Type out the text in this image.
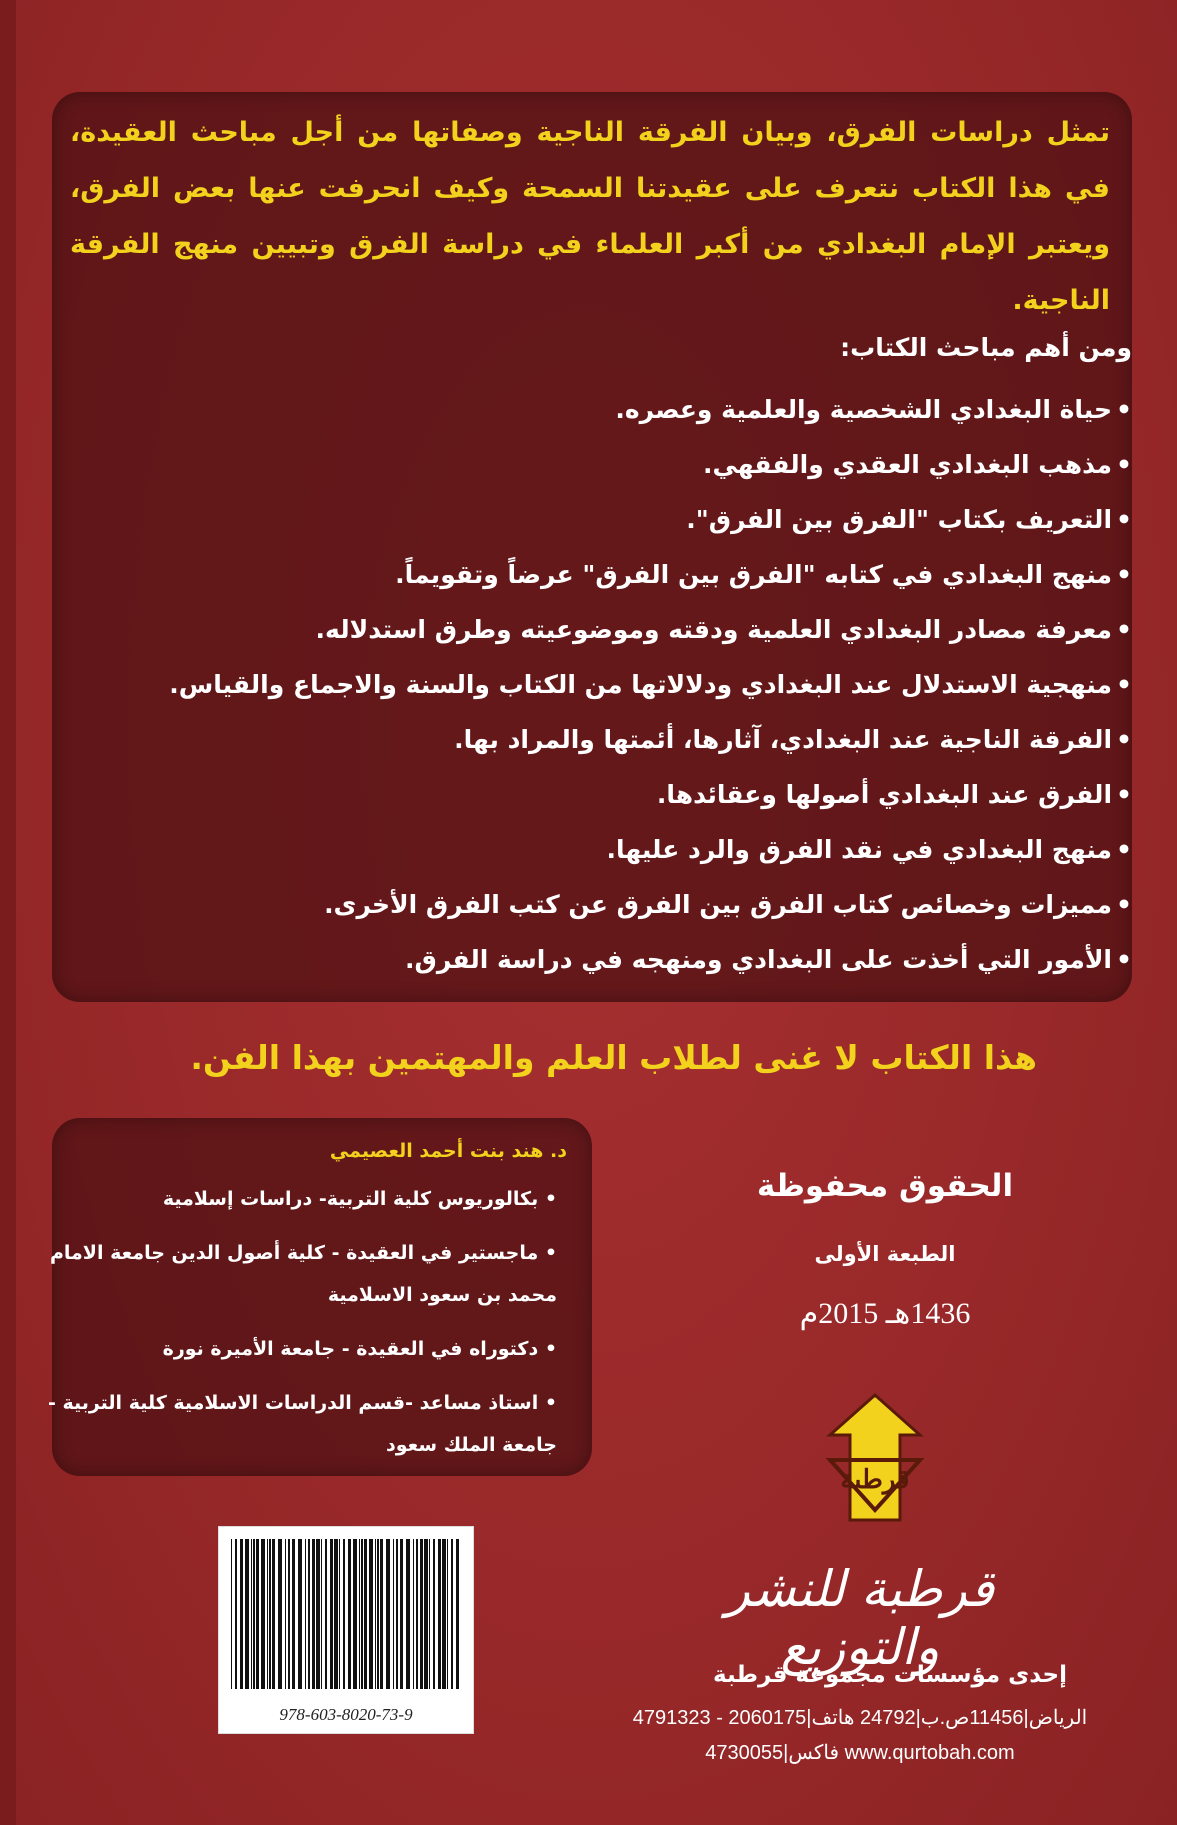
تمثل دراسات الفرق، وبيان الفرقة الناجية وصفاتها من أجل مباحث العقيدة، في هذا الكتاب نتعرف على عقيدتنا السمحة وكيف انحرفت عنها بعض الفرق، ويعتبر الإمام البغدادي من أكبر العلماء في دراسة الفرق وتبيين منهج الفرقة الناجية.
ومن أهم مباحث الكتاب:
• حياة البغدادي الشخصية والعلمية وعصره.
• مذهب البغدادي العقدي والفقهي.
• التعريف بكتاب "الفرق بين الفرق".
• منهج البغدادي في كتابه "الفرق بين الفرق" عرضاً وتقويماً.
• معرفة مصادر البغدادي العلمية ودقته وموضوعيته وطرق استدلاله.
• منهجية الاستدلال عند البغدادي ودلالاتها من الكتاب والسنة والاجماع والقياس.
• الفرقة الناجية عند البغدادي، آثارها، أئمتها والمراد بها.
• الفرق عند البغدادي أصولها وعقائدها.
• منهج البغدادي في نقد الفرق والرد عليها.
• مميزات وخصائص كتاب الفرق بين الفرق عن كتب الفرق الأخرى.
• الأمور التي أخذت على البغدادي ومنهجه في دراسة الفرق.
هذا الكتاب لا غنى لطلاب العلم والمهتمين بهذا الفن.
د. هند بنت أحمد العصيمي
• بكالوريوس كلية التربية- دراسات إسلامية
• ماجستير في العقيدة - كلية أصول الدين جامعة الامام محمد بن سعود الاسلامية
• دكتوراه في العقيدة - جامعة الأميرة نورة
• استاذ مساعد -قسم الدراسات الاسلامية كلية التربية - جامعة الملك سعود
الحقوق محفوظة
الطبعة الأولى
1436هـ 2015م
قرطبة
قرطبة للنشر والتوزيع
إحدى مؤسسات مجموعة قرطبة
الرياض|11456ص.ب|24792 هاتف|2060175 - 4791323
فاكس|4730055 www.qurtobah.com
978-603-8020-73-9
